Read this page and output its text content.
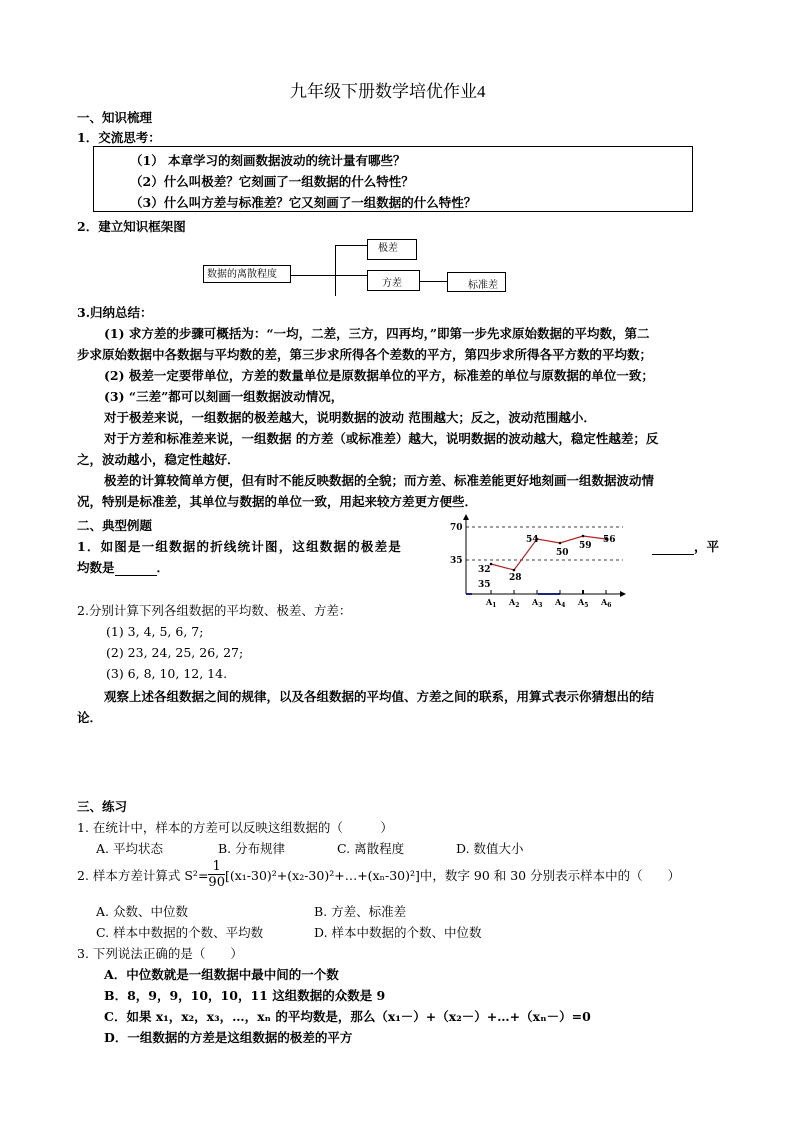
九年级下册数学培优作业4
一、知识梳理
1．交流思考：
（1） 本章学习的刻画数据波动的统计量有哪些？
（2）什么叫极差？它刻画了一组数据的什么特性？
（3）什么叫方差与标准差？它又刻画了一组数据的什么特性？
2．建立知识框架图
数据的离散程度
极差
方差	标准差
3.归纳总结：
(1) 求方差的步骤可概括为：“一均，二差，三方，四再均，”即第一步先求原始数据的平均数，第二
步求原始数据中各数据与平均数的差，第三步求所得各个差数的平方，第四步求所得各平方数的平均数；
(2) 极差一定要带单位，方差的数量单位是原数据单位的平方，标准差的单位与原数据的单位一致；
(3) “三差”都可以刻画一组数据波动情况，
对于极差来说，一组数据的极差越大，说明数据的波动 范围越大；反之，波动范围越小．
对于方差和标准差来说，一组数据 的方差（或标准差）越大，说明数据的波动越大，稳定性越差；反
之，波动越小，稳定性越好．
极差的计算较简单方便，但有时不能反映数据的全貌；而方差、标准差能更好地刻画一组数据波动情
况，特别是标准差，其单位与数据的单位一致，用起来较方差更方便些．
二、典型例题
1．如图是一组数据的折线统计图，这组数据的极差是	，平
均数是	．
70
35
32
28
54
50
59
56
35
$A_1$ $A_2$ $A_3$ $A_4$ $A_5$ $A_6$
2.分别计算下列各组数据的平均数、极差、方差：
(1) 3, 4, 5, 6, 7;
(2) 23, 24, 25, 26, 27;
(3) 6, 8, 10, 12, 14.
观察上述各组数据之间的规律，以及各组数据的平均值、方差之间的联系，用算式表示你猜想出的结
论．
三、练习
1. 在统计中，样本的方差可以反映这组数据的（　　　）
A. 平均状态	B. 分布规律	C. 离散程度	D. 数值大小
2. 样本方差计算式 $S^2= \frac{1}{90}$ [(x₁-30)²+(x₂-30)²+…+(xₙ-30)²]中，数字 90 和 30 分别表示样本中的（　　）
A. 众数、中位数	B. 方差、标准差
C. 样本中数据的个数、平均数	D. 样本中数据的个数、中位数
3. 下列说法正确的是（　　）
A．中位数就是一组数据中最中间的一个数
B．8，9，9，10，10，11 这组数据的众数是 9
C．如果 x₁，x₂，x₃，…，xₙ 的平均数是，那么（x₁－）+（x₂－）+…+（xₙ－）=0
D．一组数据的方差是这组数据的极差的平方
